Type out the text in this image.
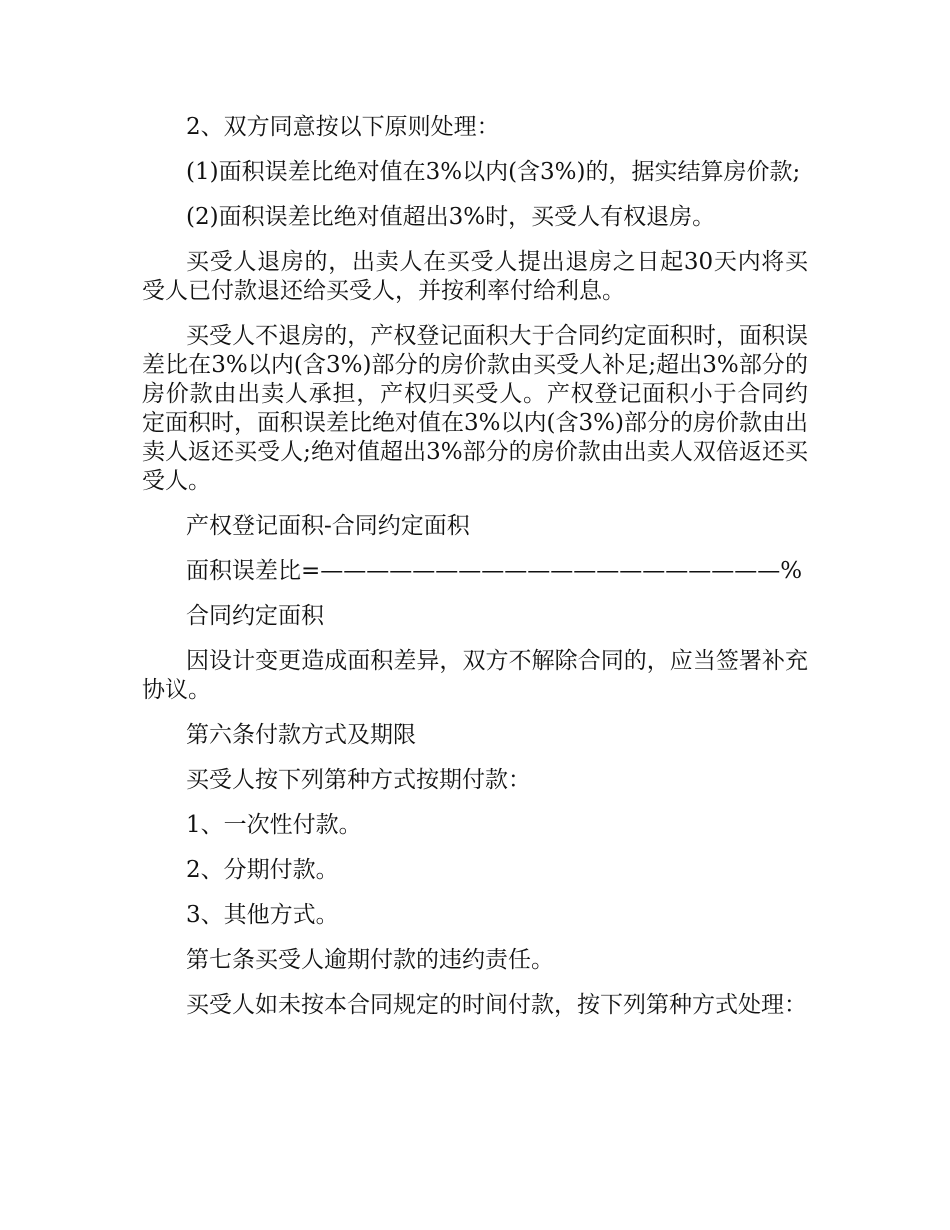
2、双方同意按以下原则处理：

(1)面积误差比绝对值在3%以内(含3%)的，据实结算房价款;

(2)面积误差比绝对值超出3%时，买受人有权退房。

买受人退房的，出卖人在买受人提出退房之日起30天内将买受人已付款退还给买受人，并按利率付给利息。

买受人不退房的，产权登记面积大于合同约定面积时，面积误差比在3%以内(含3%)部分的房价款由买受人补足;超出3%部分的房价款由出卖人承担，产权归买受人。产权登记面积小于合同约定面积时，面积误差比绝对值在3%以内(含3%)部分的房价款由出卖人返还买受人;绝对值超出3%部分的房价款由出卖人双倍返还买受人。

产权登记面积-合同约定面积

面积误差比=————————————————————%

合同约定面积

因设计变更造成面积差异，双方不解除合同的，应当签署补充协议。

第六条付款方式及期限

买受人按下列第种方式按期付款：

1、一次性付款。

2、分期付款。

3、其他方式。

第七条买受人逾期付款的违约责任。

买受人如未按本合同规定的时间付款，按下列第种方式处理：
